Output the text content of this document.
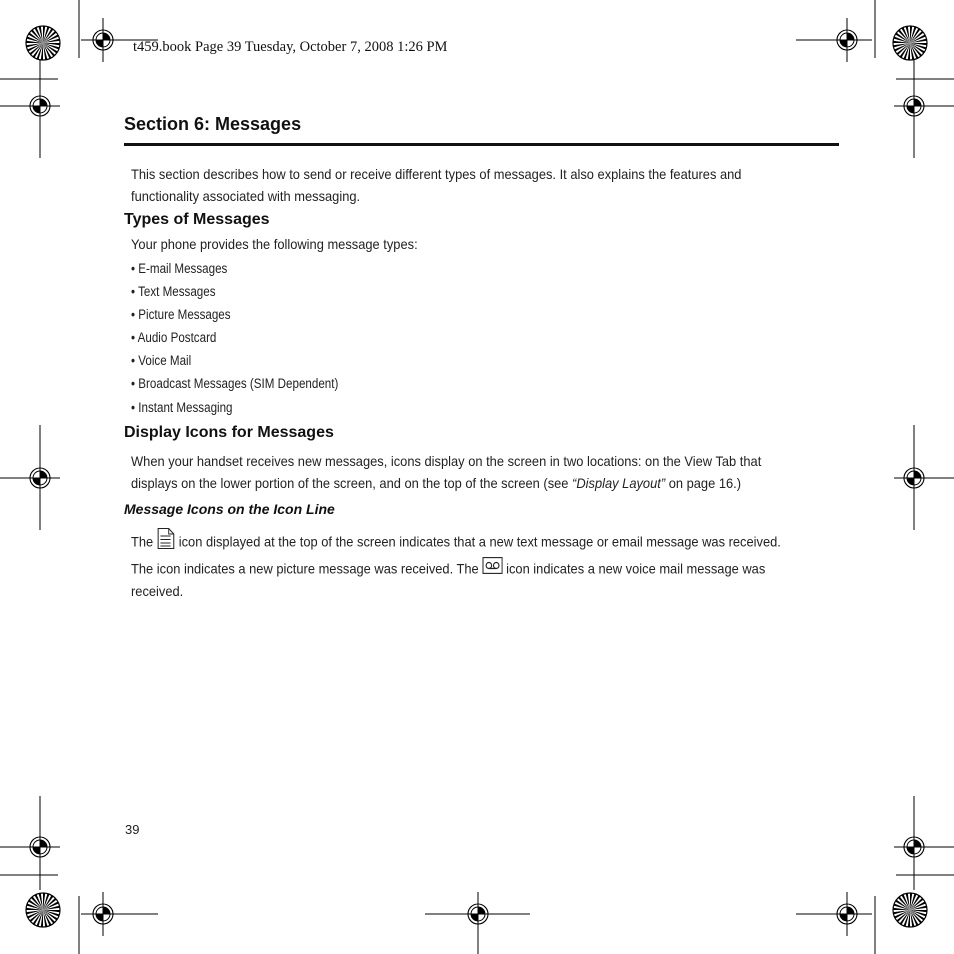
t459.book Page 39 Tuesday, October 7, 2008 1:26 PM
Section 6: Messages

This section describes how to send or receive different types of messages. It also explains the features and functionality associated with messaging.

Types of Messages

Your phone provides the following message types:

• E-mail Messages
• Text Messages
• Picture Messages
• Audio Postcard
• Voice Mail
• Broadcast Messages (SIM Dependent)
• Instant Messaging
Display Icons for Messages

When your handset receives new messages, icons display on the screen in two locations: on the View Tab that displays on the lower portion of the screen, and on the top of the screen (see “Display Layout” on page 16.)

Message Icons on the Icon Line

The  icon displayed at the top of the screen indicates that a new text message or email message was received. The icon indicates a new picture message was received. The  icon indicates a new voice mail message was received.

39
